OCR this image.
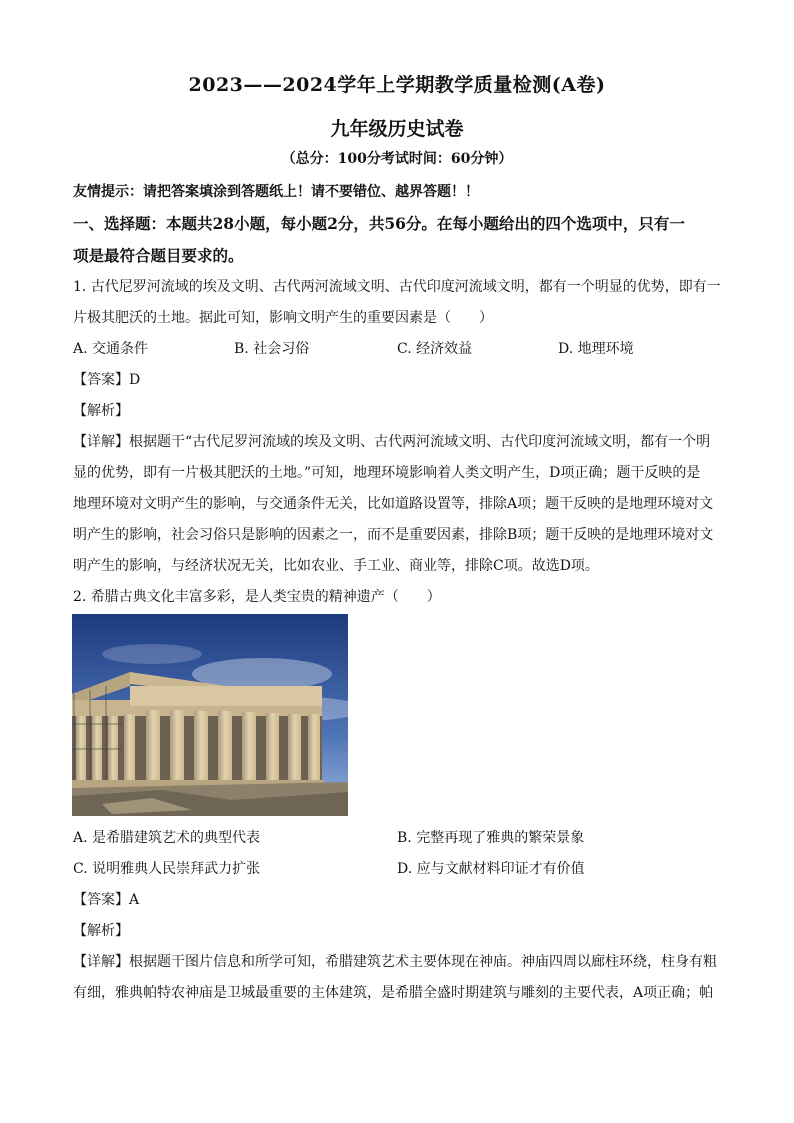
2023——2024学年上学期教学质量检测(A卷)
九年级历史试卷
（总分：100分考试时间：60分钟）
友情提示：请把答案填涂到答题纸上！请不要错位、越界答题！！
一、选择题：本题共28小题，每小题2分，共56分。在每小题给出的四个选项中，只有一
项是最符合题目要求的。
1. 古代尼罗河流域的埃及文明、古代两河流域文明、古代印度河流域文明，都有一个明显的优势，即有一
片极其肥沃的土地。据此可知，影响文明产生的重要因素是（　　）
A. 交通条件	B. 社会习俗	C. 经济效益	D. 地理环境
【答案】D
【解析】
【详解】根据题干“古代尼罗河流域的埃及文明、古代两河流域文明、古代印度河流域文明，都有一个明
显的优势，即有一片极其肥沃的土地。”可知，地理环境影响着人类文明产生，D项正确；题干反映的是
地理环境对文明产生的影响，与交通条件无关，比如道路设置等，排除A项；题干反映的是地理环境对文
明产生的影响，社会习俗只是影响的因素之一，而不是重要因素，排除B项；题干反映的是地理环境对文
明产生的影响，与经济状况无关，比如农业、手工业、商业等，排除C项。故选D项。
2. 希腊古典文化丰富多彩，是人类宝贵的精神遗产（　　）
A. 是希腊建筑艺术的典型代表	B. 完整再现了雅典的繁荣景象
C. 说明雅典人民崇拜武力扩张	D. 应与文献材料印证才有价值
【答案】A
【解析】
【详解】根据题干图片信息和所学可知，希腊建筑艺术主要体现在神庙。神庙四周以廊柱环绕，柱身有粗
有细，雅典帕特农神庙是卫城最重要的主体建筑，是希腊全盛时期建筑与雕刻的主要代表，A项正确；帕
